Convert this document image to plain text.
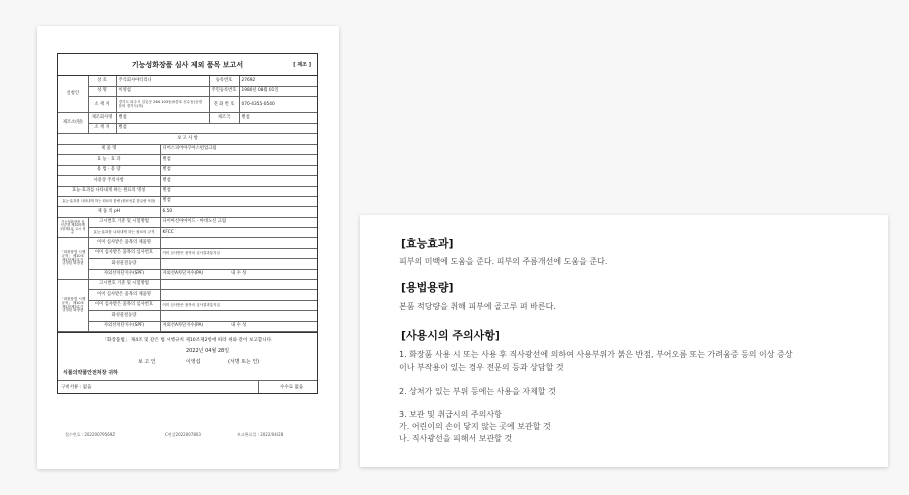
기능성화장품 심사 제외 품목 보고서	[ 제조 ]
신청인	상 호	주식회사아티리니	등록번호	27692
	성 명	이영섭	주민등록번호	1980년 08월 01일
	소 재 지	경기도 파주시 길곶곳 264 103동(5층호 신수동)공장 문의 경기도(하)	전 화 번 호	070-4355-0540
제조소(원)	제조회사명	별첨	제조국	별첨
	소 재 지	별첨		
보 고 사 항		
제 품 명		디어스피어아쿠아스펀업크림
효 능 · 효 과		별첨
용 법 · 용 량		별첨
사용상 주의사항		별첨
효능·효과를 나타내게 하는 원료의 명칭		별첨
효능·효과를 나타내게 하는 원료의 함량 (원료성분 함유량 포함)		별첨
제 품 의 pH		6.50
기능성화장품 심사규정 제10조제1항제1호 고시 성분	고시번호 기준 및 시험방법	나이아신아마이드 · 아데노신 크림
	효능·효과를 나타내게 하는 원료의 규격	KFCC
「화장품법 시행규칙」 제10조제1항제2호가 규정된 화장품	이미 심사받은 품목의 제품명	
	이미 심사받은 품목의 심사번호	이미 심사받은 품목의 심사결과통지일
	화성물질동량	
	자외선차단지수(SPF)	자외선A차단지수(PA) 내 수 성
「화장품법 시행규칙」 제10조제1항제3호가 규정된 화장품	고시번호 기준 및 시험방법	
	이미 심사받은 품목의 제품명	
	이미 심사받은 품목의 심사번호	이미 심사받은 품목의 심사결과통지일
	화성물질동량	
	자외선차단지수(SPF)	자외선A차단지수(PA) 내 수 성
「화장품법」 제4조 및 같은 법 시행규칙 제10조제2항에 따라 위와 같이 보고합니다.
2022년 04월 28일
보 고 인	이영섭	(서명 또는 인)
식품의약품안전처장 귀하
구비서류 : 없음	수수료 없음
접수번호 : 20220079569Z	C연감2022007803	보고완료일 : 2022/04/28
[효능효과]
피부의 미백에 도움을 준다. 피부의 주름개선에 도움을 준다.
[용법용량]
본품 적당량을 취해 피부에 골고루 펴 바른다.
[사용시의 주의사항]
1. 화장품 사용 시 또는 사용 후 직사광선에 의하여 사용부위가 붉은 반점, 부어오름 또는 가려움증 등의 이상 증상
이나 부작용이 있는 경우 전문의 등과 상담할 것
2. 상처가 있는 부위 등에는 사용을 자제할 것
3. 보관 및 취급시의 주의사항
가. 어린이의 손이 닿지 않는 곳에 보관할 것
나. 직사광선을 피해서 보관할 것
